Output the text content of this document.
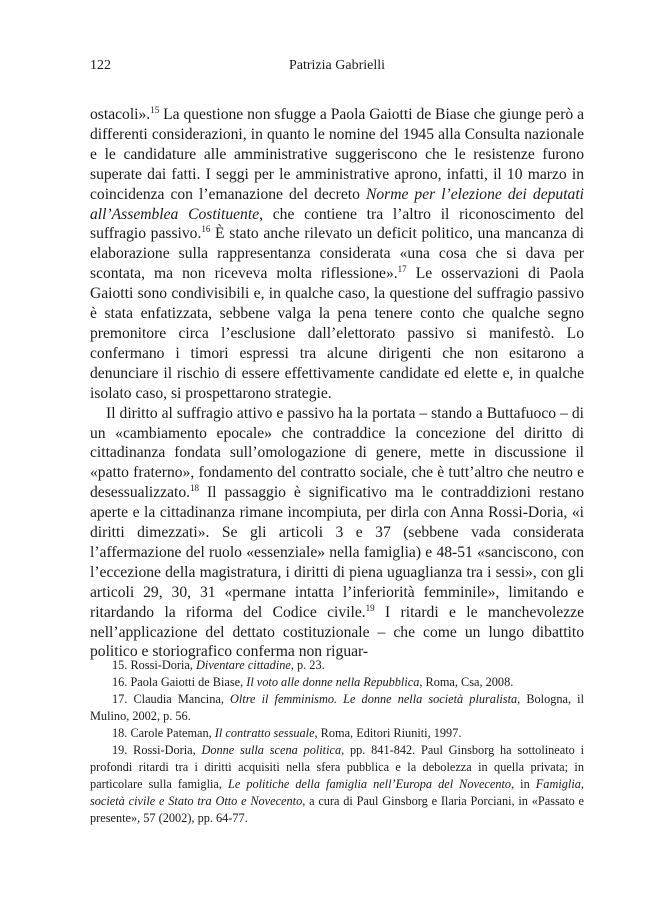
122	Patrizia Gabrielli

ostacoli».$^{15}$ La questione non sfugge a Paola Gaiotti de Biase che giunge però a differenti considerazioni, in quanto le nomine del 1945 alla Consulta nazionale e le candidature alle amministrative suggeriscono che le resistenze furono superate dai fatti. I seggi per le amministrative aprono, infatti, il 10 marzo in coincidenza con l’emanazione del decreto Norme per l’elezione dei deputati all’Assemblea Costituente, che contiene tra l’altro il riconoscimento del suffragio passivo.$^{16}$ È stato anche rilevato un deficit politico, una mancanza di elaborazione sulla rappresentanza considerata «una cosa che si dava per scontata, ma non riceveva molta riflessione».$^{17}$ Le osservazioni di Paola Gaiotti sono condivisibili e, in qualche caso, la questione del suffragio passivo è stata enfatizzata, sebbene valga la pena tenere conto che qualche segno premonitore circa l’esclusione dall’elettorato passivo si manifestò. Lo confermano i timori espressi tra alcune dirigenti che non esitarono a denunciare il rischio di essere effettivamente candidate ed elette e, in qualche isolato caso, si prospettarono strategie.

Il diritto al suffragio attivo e passivo ha la portata – stando a Buttafuoco – di un «cambiamento epocale» che contraddice la concezione del diritto di cittadinanza fondata sull’omologazione di genere, mette in discussione il «patto fraterno», fondamento del contratto sociale, che è tutt’altro che neutro e desessualizzato.$^{18}$ Il passaggio è significativo ma le contraddizioni restano aperte e la cittadinanza rimane incompiuta, per dirla con Anna Rossi-Doria, «i diritti dimezzati». Se gli articoli 3 e 37 (sebbene vada considerata l’affermazione del ruolo «essenziale» nella famiglia) e 48-51 «sanciscono, con l’eccezione della magistratura, i diritti di piena uguaglianza tra i sessi», con gli articoli 29, 30, 31 «permane intatta l’inferiorità femminile», limitando e ritardando la riforma del Codice civile.$^{19}$ I ritardi e le manchevolezze nell’applicazione del dettato costituzionale – che come un lungo dibattito politico e storiografico conferma non riguar-

15. Rossi-Doria, Diventare cittadine, p. 23.

16. Paola Gaiotti de Biase, Il voto alle donne nella Repubblica, Roma, Csa, 2008.

17. Claudia Mancina, Oltre il femminismo. Le donne nella società pluralista, Bologna, il Mulino, 2002, p. 56.

18. Carole Pateman, Il contratto sessuale, Roma, Editori Riuniti, 1997.

19. Rossi-Doria, Donne sulla scena politica, pp. 841-842. Paul Ginsborg ha sottolineato i profondi ritardi tra i diritti acquisiti nella sfera pubblica e la debolezza in quella privata; in particolare sulla famiglia, Le politiche della famiglia nell’Europa del Novecento, in Famiglia, società civile e Stato tra Otto e Novecento, a cura di Paul Ginsborg e Ilaria Porciani, in «Passato e presente», 57 (2002), pp. 64-77.
